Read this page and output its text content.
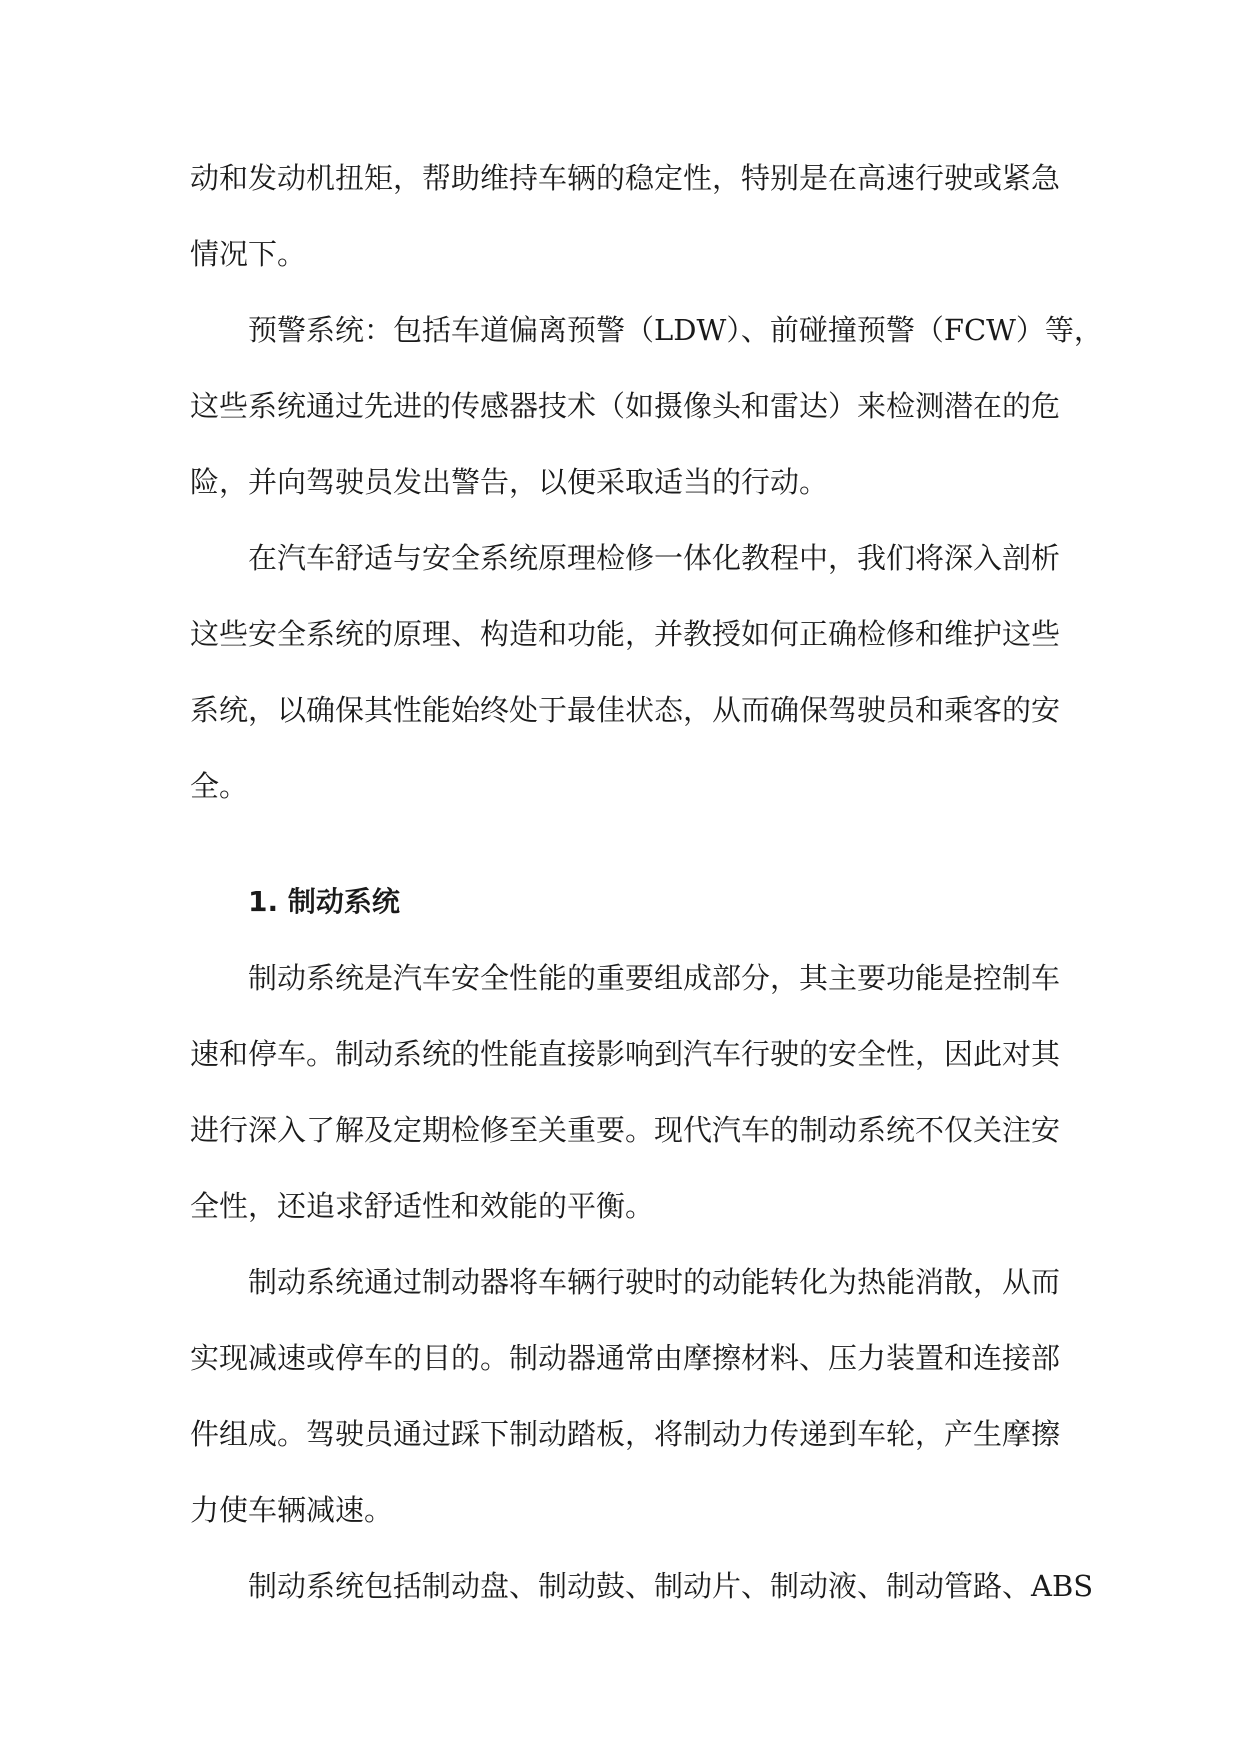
动和发动机扭矩，帮助维持车辆的稳定性，特别是在高速行驶或紧急
情况下。
预警系统：包括车道偏离预警（LDW）、前碰撞预警（FCW）等，
这些系统通过先进的传感器技术（如摄像头和雷达）来检测潜在的危
险，并向驾驶员发出警告，以便采取适当的行动。
在汽车舒适与安全系统原理检修一体化教程中，我们将深入剖析
这些安全系统的原理、构造和功能，并教授如何正确检修和维护这些
系统，以确保其性能始终处于最佳状态，从而确保驾驶员和乘客的安
全。
1. 制动系统
制动系统是汽车安全性能的重要组成部分，其主要功能是控制车
速和停车。制动系统的性能直接影响到汽车行驶的安全性，因此对其
进行深入了解及定期检修至关重要。现代汽车的制动系统不仅关注安
全性，还追求舒适性和效能的平衡。
制动系统通过制动器将车辆行驶时的动能转化为热能消散，从而
实现减速或停车的目的。制动器通常由摩擦材料、压力装置和连接部
件组成。驾驶员通过踩下制动踏板，将制动力传递到车轮，产生摩擦
力使车辆减速。
制动系统包括制动盘、制动鼓、制动片、制动液、制动管路、ABS
